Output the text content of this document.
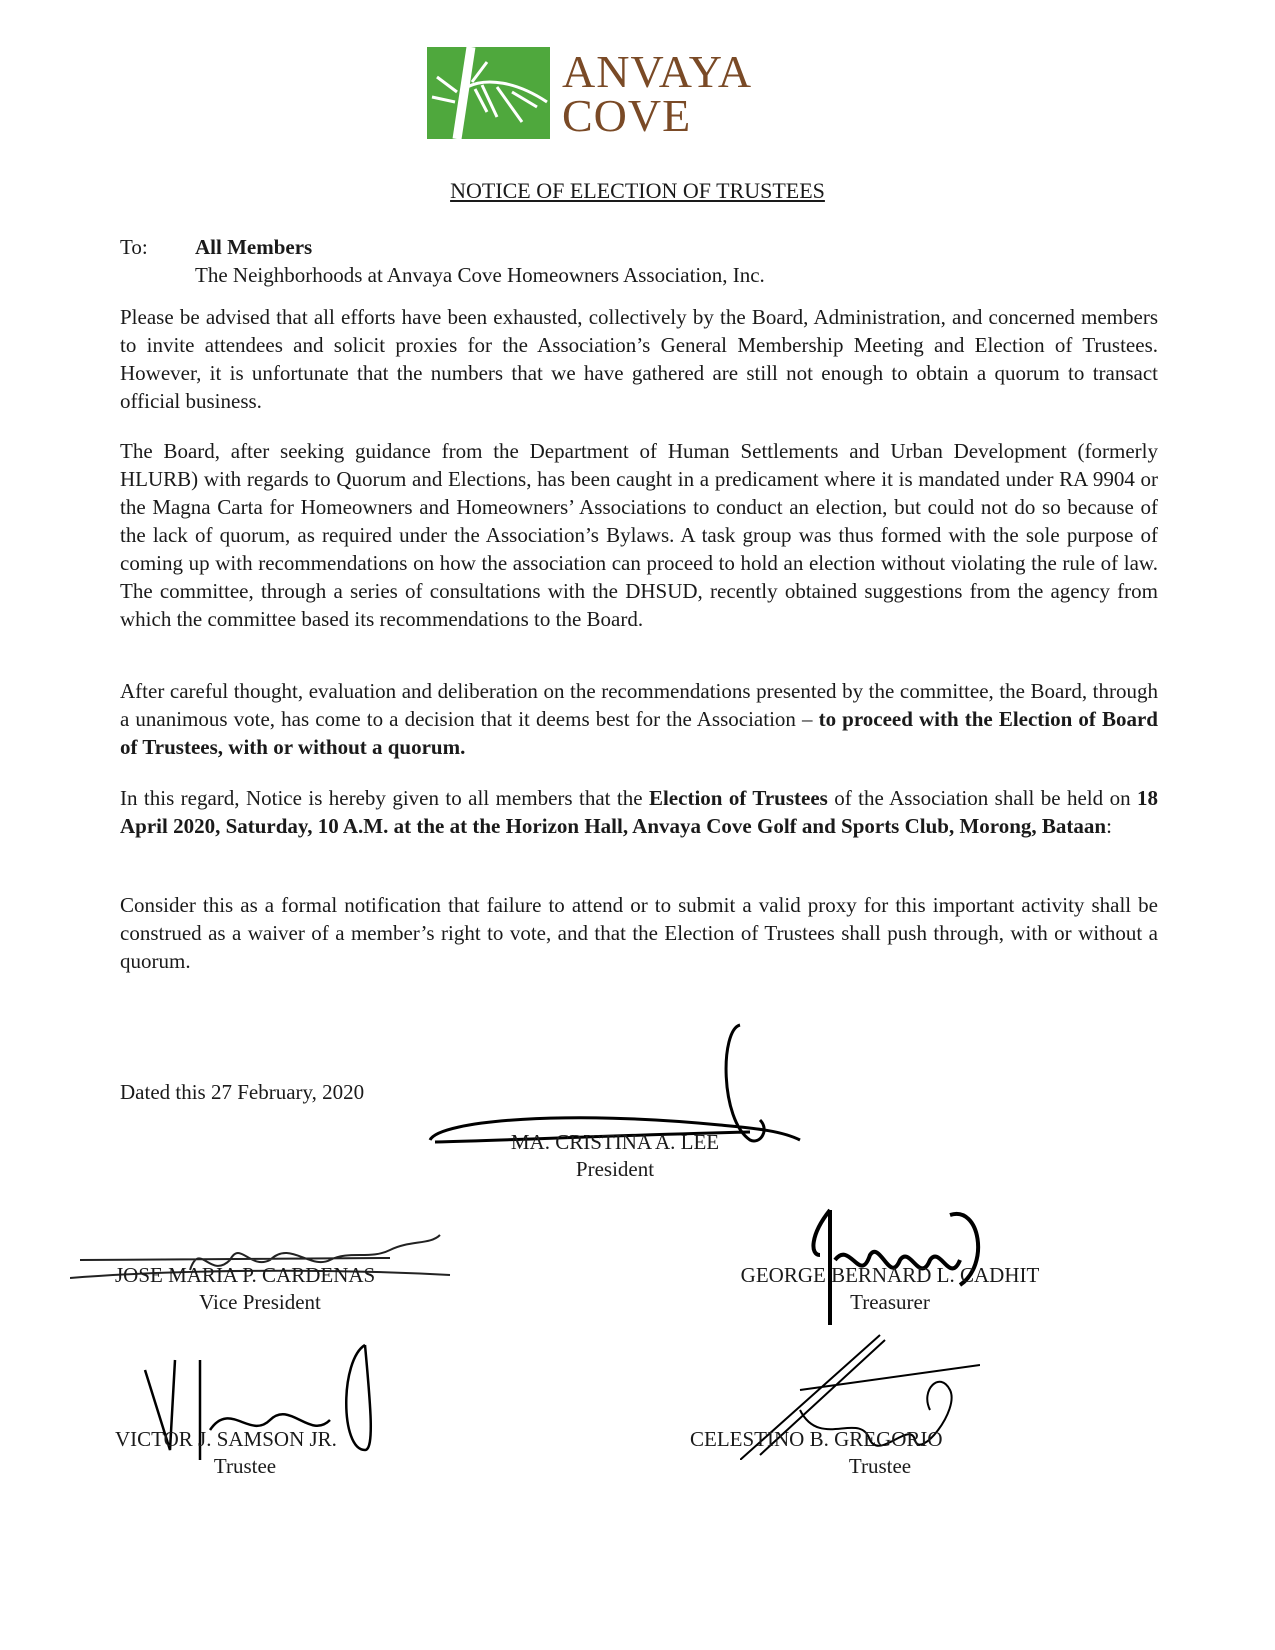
ANVAYA
COVE
NOTICE OF ELECTION OF TRUSTEES
To: All Members
The Neighborhoods at Anvaya Cove Homeowners Association, Inc.
Please be advised that all efforts have been exhausted, collectively by the Board, Administration, and concerned members to invite attendees and solicit proxies for the Association’s General Membership Meeting and Election of Trustees. However, it is unfortunate that the numbers that we have gathered are still not enough to obtain a quorum to transact official business.
The Board, after seeking guidance from the Department of Human Settlements and Urban Development (formerly HLURB) with regards to Quorum and Elections, has been caught in a predicament where it is mandated under RA 9904 or the Magna Carta for Homeowners and Homeowners’ Associations to conduct an election, but could not do so because of the lack of quorum, as required under the Association’s Bylaws. A task group was thus formed with the sole purpose of coming up with recommendations on how the association can proceed to hold an election without violating the rule of law. The committee, through a series of consultations with the DHSUD, recently obtained suggestions from the agency from which the committee based its recommendations to the Board.
After careful thought, evaluation and deliberation on the recommendations presented by the committee, the Board, through a unanimous vote, has come to a decision that it deems best for the Association – to proceed with the Election of Board of Trustees, with or without a quorum.
In this regard, Notice is hereby given to all members that the Election of Trustees of the Association shall be held on 18 April 2020, Saturday, 10 A.M. at the at the Horizon Hall, Anvaya Cove Golf and Sports Club, Morong, Bataan:
Consider this as a formal notification that failure to attend or to submit a valid proxy for this important activity shall be construed as a waiver of a member’s right to vote, and that the Election of Trustees shall push through, with or without a quorum.
Dated this 27 February, 2020
MA. CRISTINA A. LEE
President
JOSE MARIA P. CARDENAS
Vice President
GEORGE BERNARD L. CADHIT
Treasurer
VICTOR J. SAMSON JR.
Trustee
CELESTINO B. GREGORIO
Trustee
